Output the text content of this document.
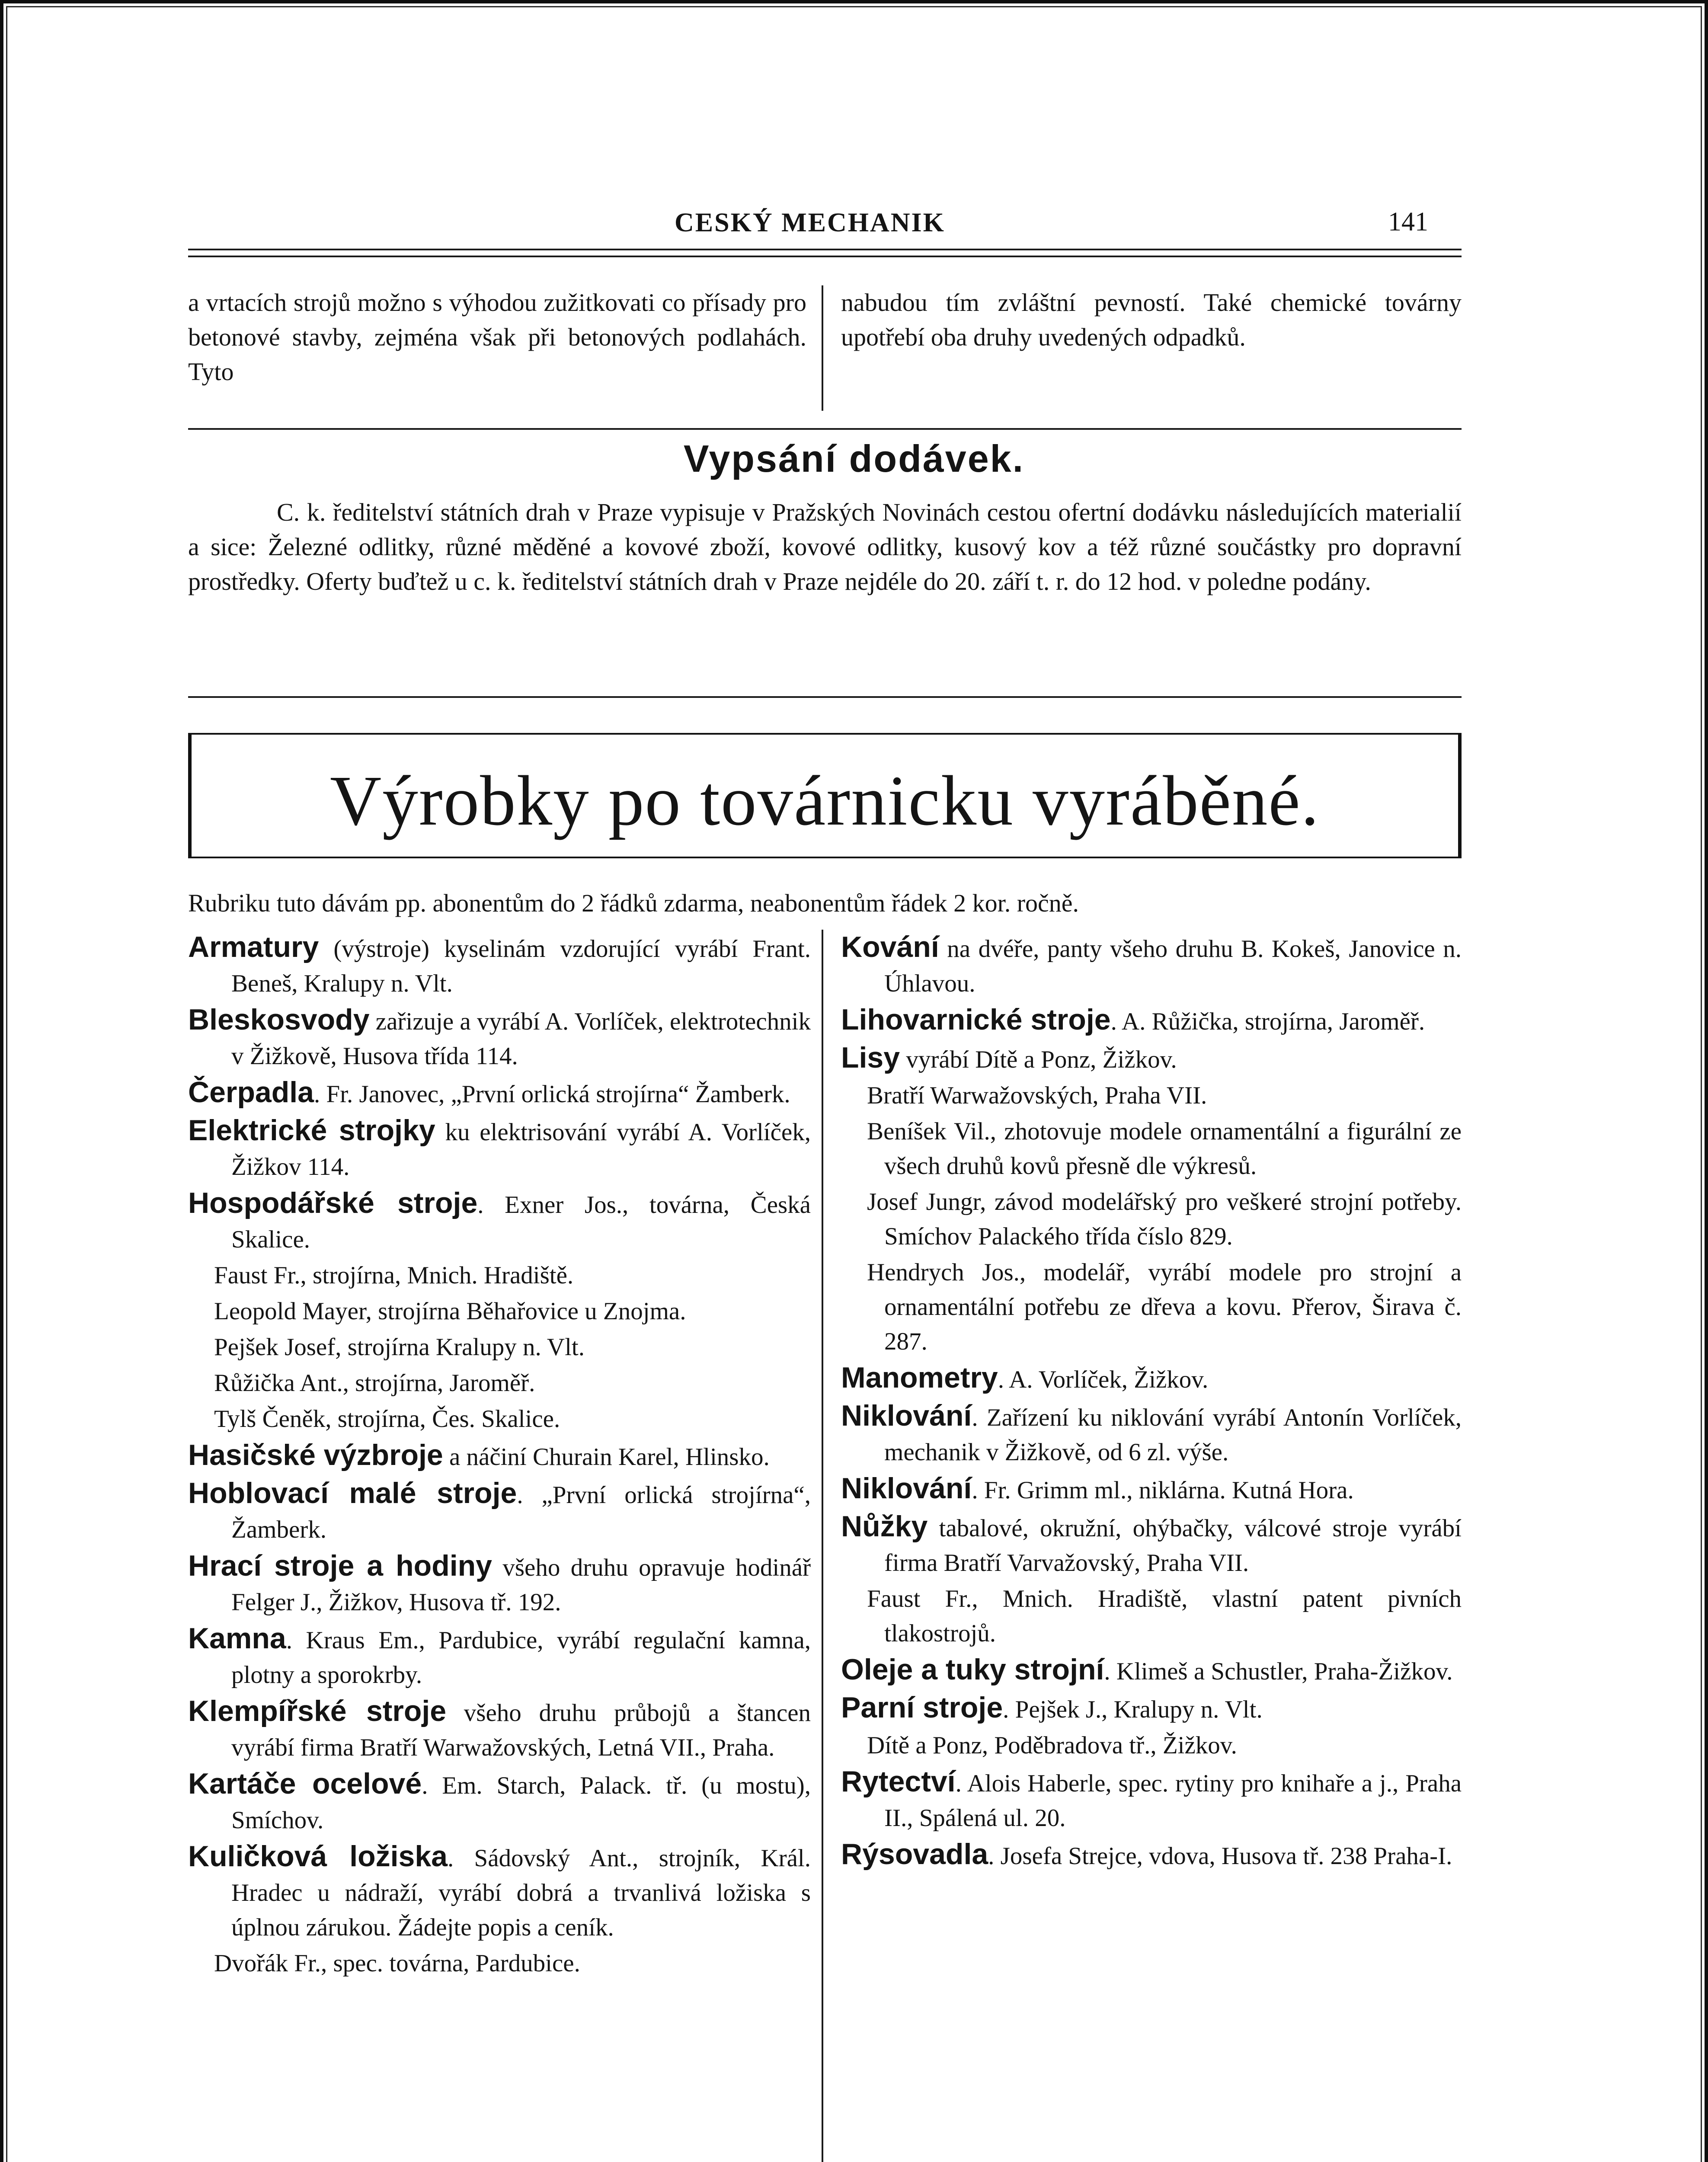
CESKÝ MECHANIK	141

a vrtacích strojů možno s výhodou zužitkovati co přísady pro betonové stavby, zejména však při betonových podlahách. Tyto

nabudou tím zvláštní pevností. Také chemické továrny upotřebí oba druhy uvedených odpadků.

Vypsání dodávek.

C. k. ředitelství státních drah v Praze vypisuje v Pražských Novinách cestou ofertní dodávku následujících materialií a sice: Železné odlitky, různé měděné a kovové zboží, kovové odlitky, kusový kov a též různé součástky pro dopravní prostředky. Oferty buďtež u c. k. ředitelství státních drah v Praze nejdéle do 20. září t. r. do 12 hod. v poledne podány.

Výrobky po továrnicku vyráběné.
Rubriku tuto dávám pp. abonentům do 2 řádků zdarma, neabonentům řádek 2 kor. ročně.

Armatury (výstroje) kyselinám vzdorující vyrábí Frant. Beneš, Kralupy n. Vlt.

Bleskosvody zařizuje a vyrábí A. Vorlíček, elektrotechnik v Žižkově, Husova třída 114.

Čerpadla. Fr. Janovec, „První orlická strojírna“ Žamberk.

Elektrické strojky ku elektrisování vyrábí A. Vorlíček, Žižkov 114.

Hospodářské stroje. Exner Jos., továrna, Česká Skalice.

Faust Fr., strojírna, Mnich. Hradiště.

Leopold Mayer, strojírna Běhařovice u Znojma.

Pejšek Josef, strojírna Kralupy n. Vlt.

Růžička Ant., strojírna, Jaroměř.

Tylš Čeněk, strojírna, Čes. Skalice.

Hasičské výzbroje a náčiní Churain Karel, Hlinsko.

Hoblovací malé stroje. „První orlická strojírna“, Žamberk.

Hrací stroje a hodiny všeho druhu opravuje hodinář Felger J., Žižkov, Husova tř. 192.

Kamna. Kraus Em., Pardubice, vyrábí regulační kamna, plotny a sporokrby.

Klempířské stroje všeho druhu průbojů a štancen vyrábí firma Bratří Warwažovských, Letná VII., Praha.

Kartáče ocelové. Em. Starch, Palack. tř. (u mostu), Smíchov.

Kuličková ložiska. Sádovský Ant., strojník, Král. Hradec u nádraží, vyrábí dobrá a trvanlivá ložiska s úplnou zárukou. Žádejte popis a ceník.

Dvořák Fr., spec. továrna, Pardubice.

Kování na dvéře, panty všeho druhu B. Kokeš, Janovice n. Úhlavou.

Lihovarnické stroje. A. Růžička, strojírna, Jaroměř.

Lisy vyrábí Dítě a Ponz, Žižkov.

Bratří Warwažovských, Praha VII.

Beníšek Vil., zhotovuje modele ornamentální a figurální ze všech druhů kovů přesně dle výkresů.

Josef Jungr, závod modelářský pro veškeré strojní potřeby. Smíchov Palackého třída číslo 829.

Hendrych Jos., modelář, vyrábí modele pro strojní a ornamentální potřebu ze dřeva a kovu. Přerov, Širava č. 287.

Manometry. A. Vorlíček, Žižkov.

Niklování. Zařízení ku niklování vyrábí Antonín Vorlíček, mechanik v Žižkově, od 6 zl. výše.

Niklování. Fr. Grimm ml., niklárna. Kutná Hora.

Nůžky tabalové, okružní, ohýbačky, válcové stroje vyrábí firma Bratří Varvažovský, Praha VII.

Faust Fr., Mnich. Hradiště, vlastní patent pivních tlakostrojů.

Oleje a tuky strojní. Klimeš a Schustler, Praha-Žižkov.

Parní stroje. Pejšek J., Kralupy n. Vlt.

Dítě a Ponz, Poděbradova tř., Žižkov.

Rytectví. Alois Haberle, spec. rytiny pro knihaře a j., Praha II., Spálená ul. 20.

Rýsovadla. Josefa Strejce, vdova, Husova tř. 238 Praha-I.
